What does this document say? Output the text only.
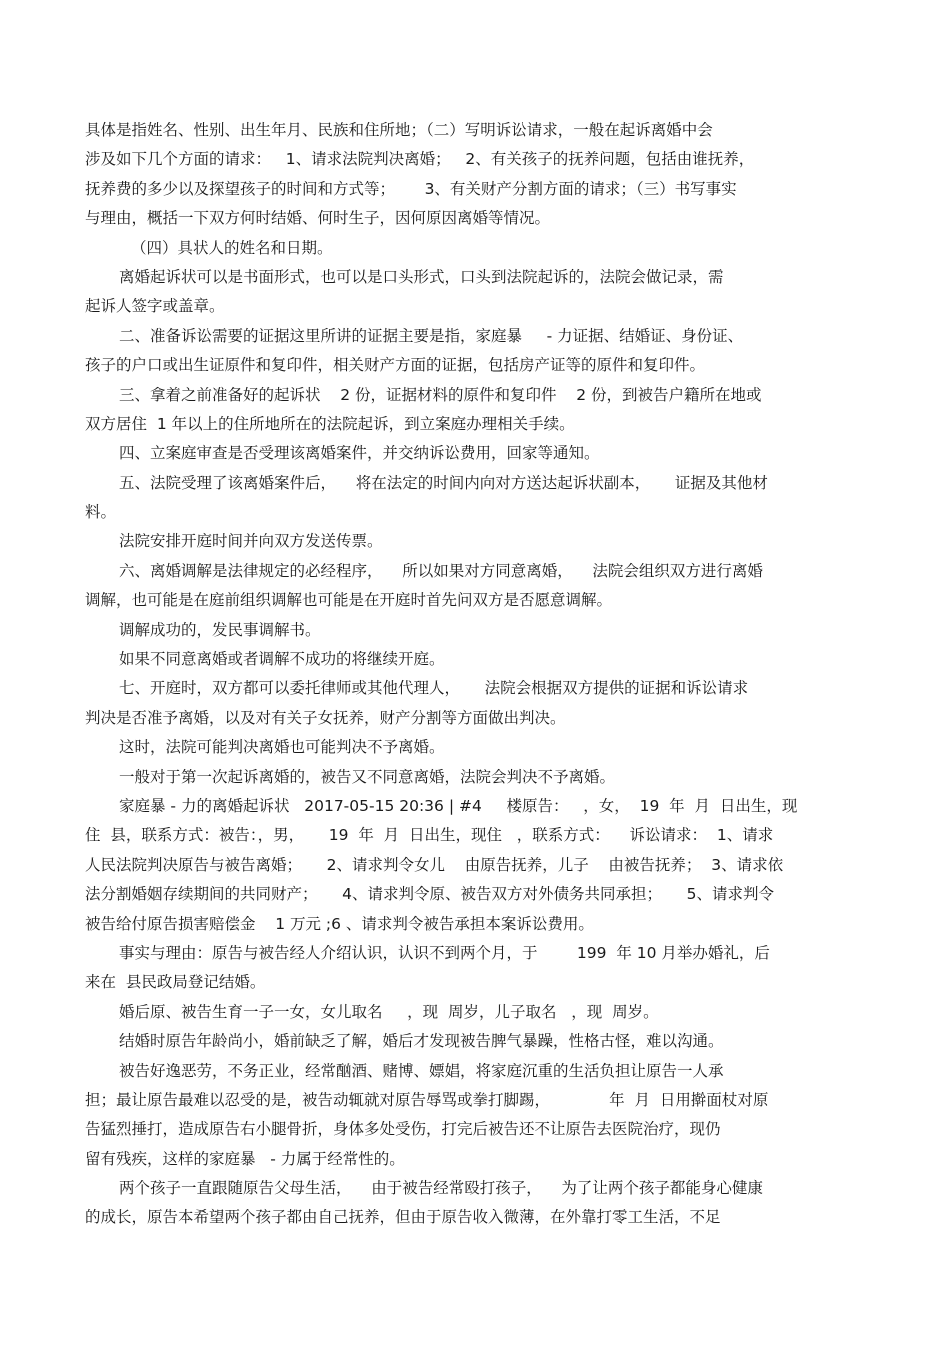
具体是指姓名、性别、出生年月、民族和住所地；（二）写明诉讼请求，一般在起诉离婚中会
涉及如下几个方面的请求：   1、请求法院判决离婚；   2、有关孩子的抚养问题，包括由谁抚养，
抚养费的多少以及探望孩子的时间和方式等；      3、有关财产分割方面的请求；（三）书写事实
与理由，概括一下双方何时结婚、何时生子，因何原因离婚等情况。
（四）具状人的姓名和日期。
离婚起诉状可以是书面形式，也可以是口头形式，口头到法院起诉的，法院会做记录，需
起诉人签字或盖章。
二、准备诉讼需要的证据这里所讲的证据主要是指，家庭暴     - 力证据、结婚证、身份证、
孩子的户口或出生证原件和复印件，相关财产方面的证据，包括房产证等的原件和复印件。
三、拿着之前准备好的起诉状    2 份，证据材料的原件和复印件    2 份，到被告户籍所在地或
双方居住  1 年以上的住所地所在的法院起诉，到立案庭办理相关手续。
四、立案庭审查是否受理该离婚案件，并交纳诉讼费用，回家等通知。
五、法院受理了该离婚案件后，    将在法定的时间内向对方送达起诉状副本，     证据及其他材
料。
法院安排开庭时间并向双方发送传票。
六、离婚调解是法律规定的必经程序，    所以如果对方同意离婚，    法院会组织双方进行离婚
调解，也可能是在庭前组织调解也可能是在开庭时首先问双方是否愿意调解。
调解成功的，发民事调解书。
如果不同意离婚或者调解不成功的将继续开庭。
七、开庭时，双方都可以委托律师或其他代理人，     法院会根据双方提供的证据和诉讼请求
判决是否准予离婚，以及对有关子女抚养，财产分割等方面做出判决。
这时，法院可能判决离婚也可能判决不予离婚。
一般对于第一次起诉离婚的，被告又不同意离婚，法院会判决不予离婚。
家庭暴 - 力的离婚起诉状   2017-05-15 20:36 | #4     楼原告：   ，女，  19  年  月  日出生，现
住  县，联系方式：被告：，男，     19  年  月  日出生，现住   ，联系方式：    诉讼请求：  1、请求
人民法院判决原告与被告离婚；     2、请求判令女儿    由原告抚养，儿子    由被告抚养；  3、请求依
法分割婚姻存续期间的共同财产；     4、请求判令原、被告双方对外债务共同承担；     5、请求判令
被告给付原告损害赔偿金    1 万元 ;6 、请求判令被告承担本案诉讼费用。
事实与理由：原告与被告经人介绍认识，认识不到两个月，于        199  年 10 月举办婚礼，后
来在  县民政局登记结婚。
婚后原、被告生育一子一女，女儿取名     ，现  周岁，儿子取名   ，现  周岁。
结婚时原告年龄尚小，婚前缺乏了解，婚后才发现被告脾气暴躁，性格古怪，难以沟通。
被告好逸恶劳，不务正业，经常酗酒、赌博、嫖娼，将家庭沉重的生活负担让原告一人承
担；最让原告最难以忍受的是，被告动辄就对原告辱骂或拳打脚踢，            年  月  日用擀面杖对原
告猛烈捶打，造成原告右小腿骨折，身体多处受伤，打完后被告还不让原告去医院治疗，现仍
留有残疾，这样的家庭暴   - 力属于经常性的。
两个孩子一直跟随原告父母生活，    由于被告经常殴打孩子，    为了让两个孩子都能身心健康
的成长，原告本希望两个孩子都由自己抚养，但由于原告收入微薄，在外靠打零工生活，不足
